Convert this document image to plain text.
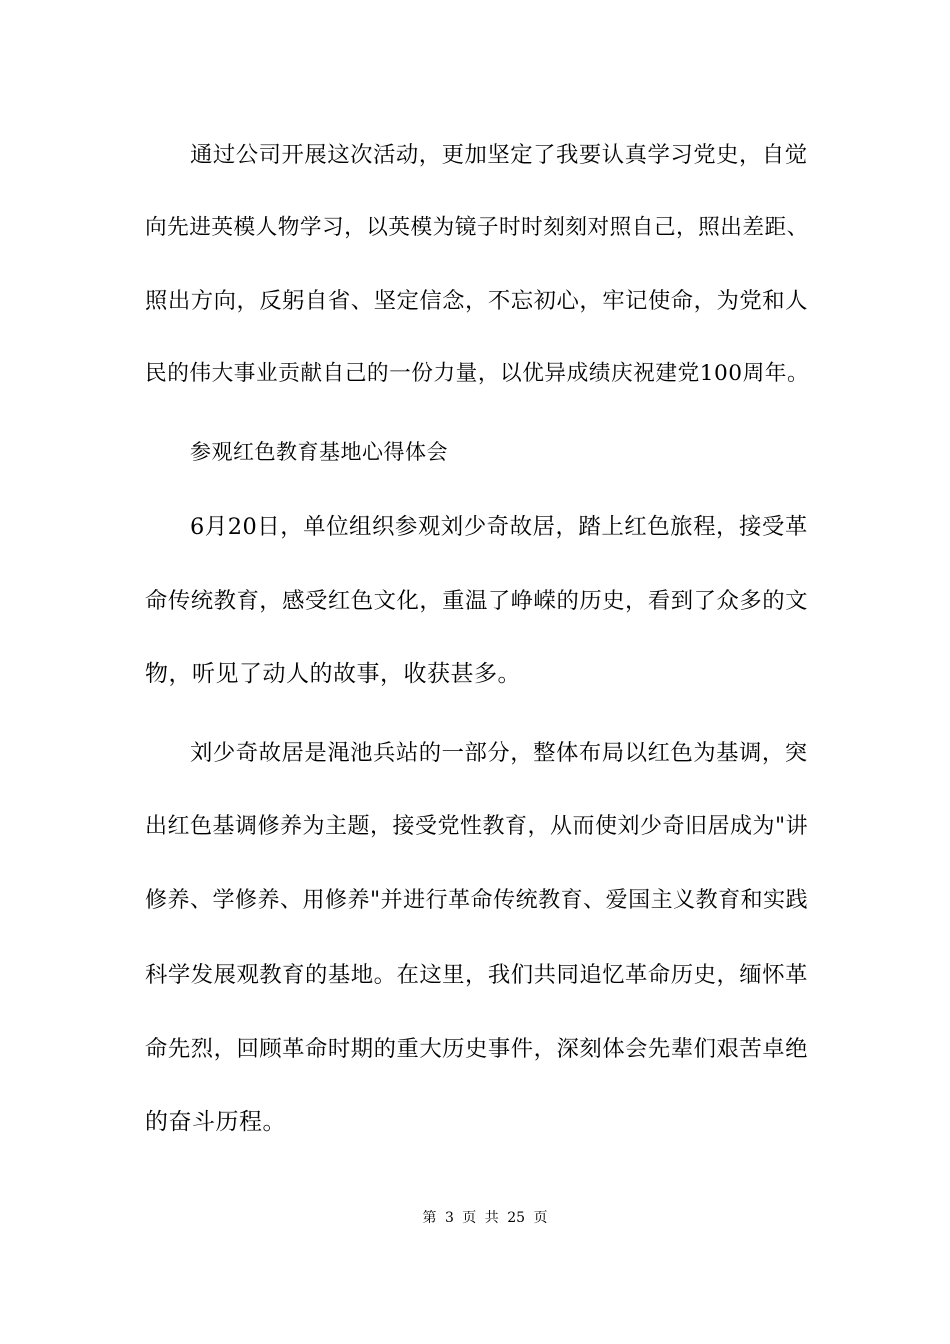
通过公司开展这次活动，更加坚定了我要认真学习党史，自觉
向先进英模人物学习，以英模为镜子时时刻刻对照自己，照出差距、
照出方向，反躬自省、坚定信念，不忘初心，牢记使命，为党和人
民的伟大事业贡献自己的一份力量，以优异成绩庆祝建党100周年。
参观红色教育基地心得体会
6月20日，单位组织参观刘少奇故居，踏上红色旅程，接受革
命传统教育，感受红色文化，重温了峥嵘的历史，看到了众多的文
物，听见了动人的故事，收获甚多。
刘少奇故居是渑池兵站的一部分，整体布局以红色为基调，突
出红色基调修养为主题，接受党性教育，从而使刘少奇旧居成为"讲
修养、学修养、用修养"并进行革命传统教育、爱国主义教育和实践
科学发展观教育的基地。在这里，我们共同追忆革命历史，缅怀革
命先烈，回顾革命时期的重大历史事件，深刻体会先辈们艰苦卓绝
的奋斗历程。
第 3 页 共 25 页
